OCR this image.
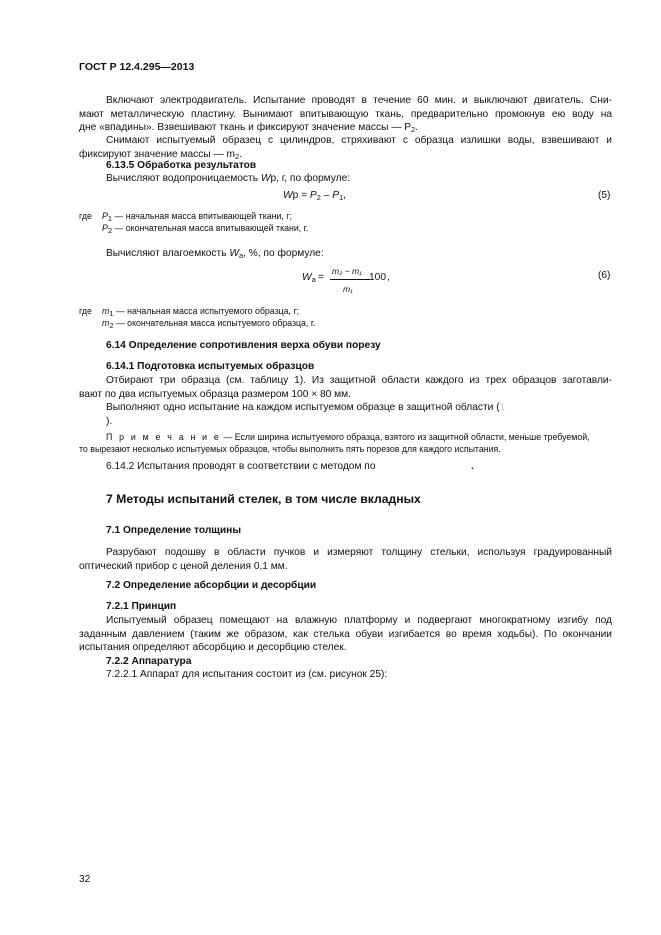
ГОСТ Р 12.4.295—2013
Включают электродвигатель. Испытание проводят в течение 60 мин. и выключают двигатель. Сни-
мают металлическую пластину. Вынимают впитывающую ткань, предварительно промокнув ею воду на
дне «впадины». Взвешивают ткань и фиксируют значение массы — $P_2$.
Снимают испытуемый образец с цилиндров, стряхивают с образца излишки воды, взвешивают и
фиксируют значение массы — $m_2$.
6.13.5 Обработка результатов
Вычисляют водопроницаемость Wp, г, по формуле:
$Wp = P_2 - P_1$,	(5)
где $P_1$ — начальная масса впитывающей ткани, г;
$P_2$ — окончательная масса впитывающей ткани, г.
Вычисляют влагоемкость $W_a$, %, по формуле:
$W_a$ =
m₂ − m₁
m₁
100 ,	(6)
где $m_1$ — начальная масса испытуемого образца, г;
$m_2$ — окончательная масса испытуемого образца, г.
6.14 Определение сопротивления верха обуви порезу
6.14.1 Подготовка испытуемых образцов
Отбирают три образца (см. таблицу 1). Из защитной области каждого из трех образцов заготавли-
вают по два испытуемых образца размером 100 × 80 мм.
Выполняют одно испытание на каждом испытуемом образце в защитной области (1
).
П р и м е ч а н и е — Если ширина испытуемого образца, взятого из защитной области, меньше требуемой,
то вырезают несколько испытуемых образцов, чтобы выполнить пять порезов для каждого испытания.
6.14.2 Испытания проводят в соответствии с методом по	.
7 Методы испытаний стелек, в том числе вкладных
7.1 Определение толщины
Разрубают подошву в области пучков и измеряют толщину стельки, используя градуированный
оптический прибор с ценой деления 0,1 мм.
7.2 Определение абсорбции и десорбции
7.2.1 Принцип
Испытуемый образец помещают на влажную платформу и подвергают многократному изгибу под
заданным давлением (таким же образом, как стелька обуви изгибается во время ходьбы). По окончании
испытания определяют абсорбцию и десорбцию стелек.
7.2.2 Аппаратура
7.2.2.1 Аппарат для испытания состоит из (см. рисунок 25):
32
